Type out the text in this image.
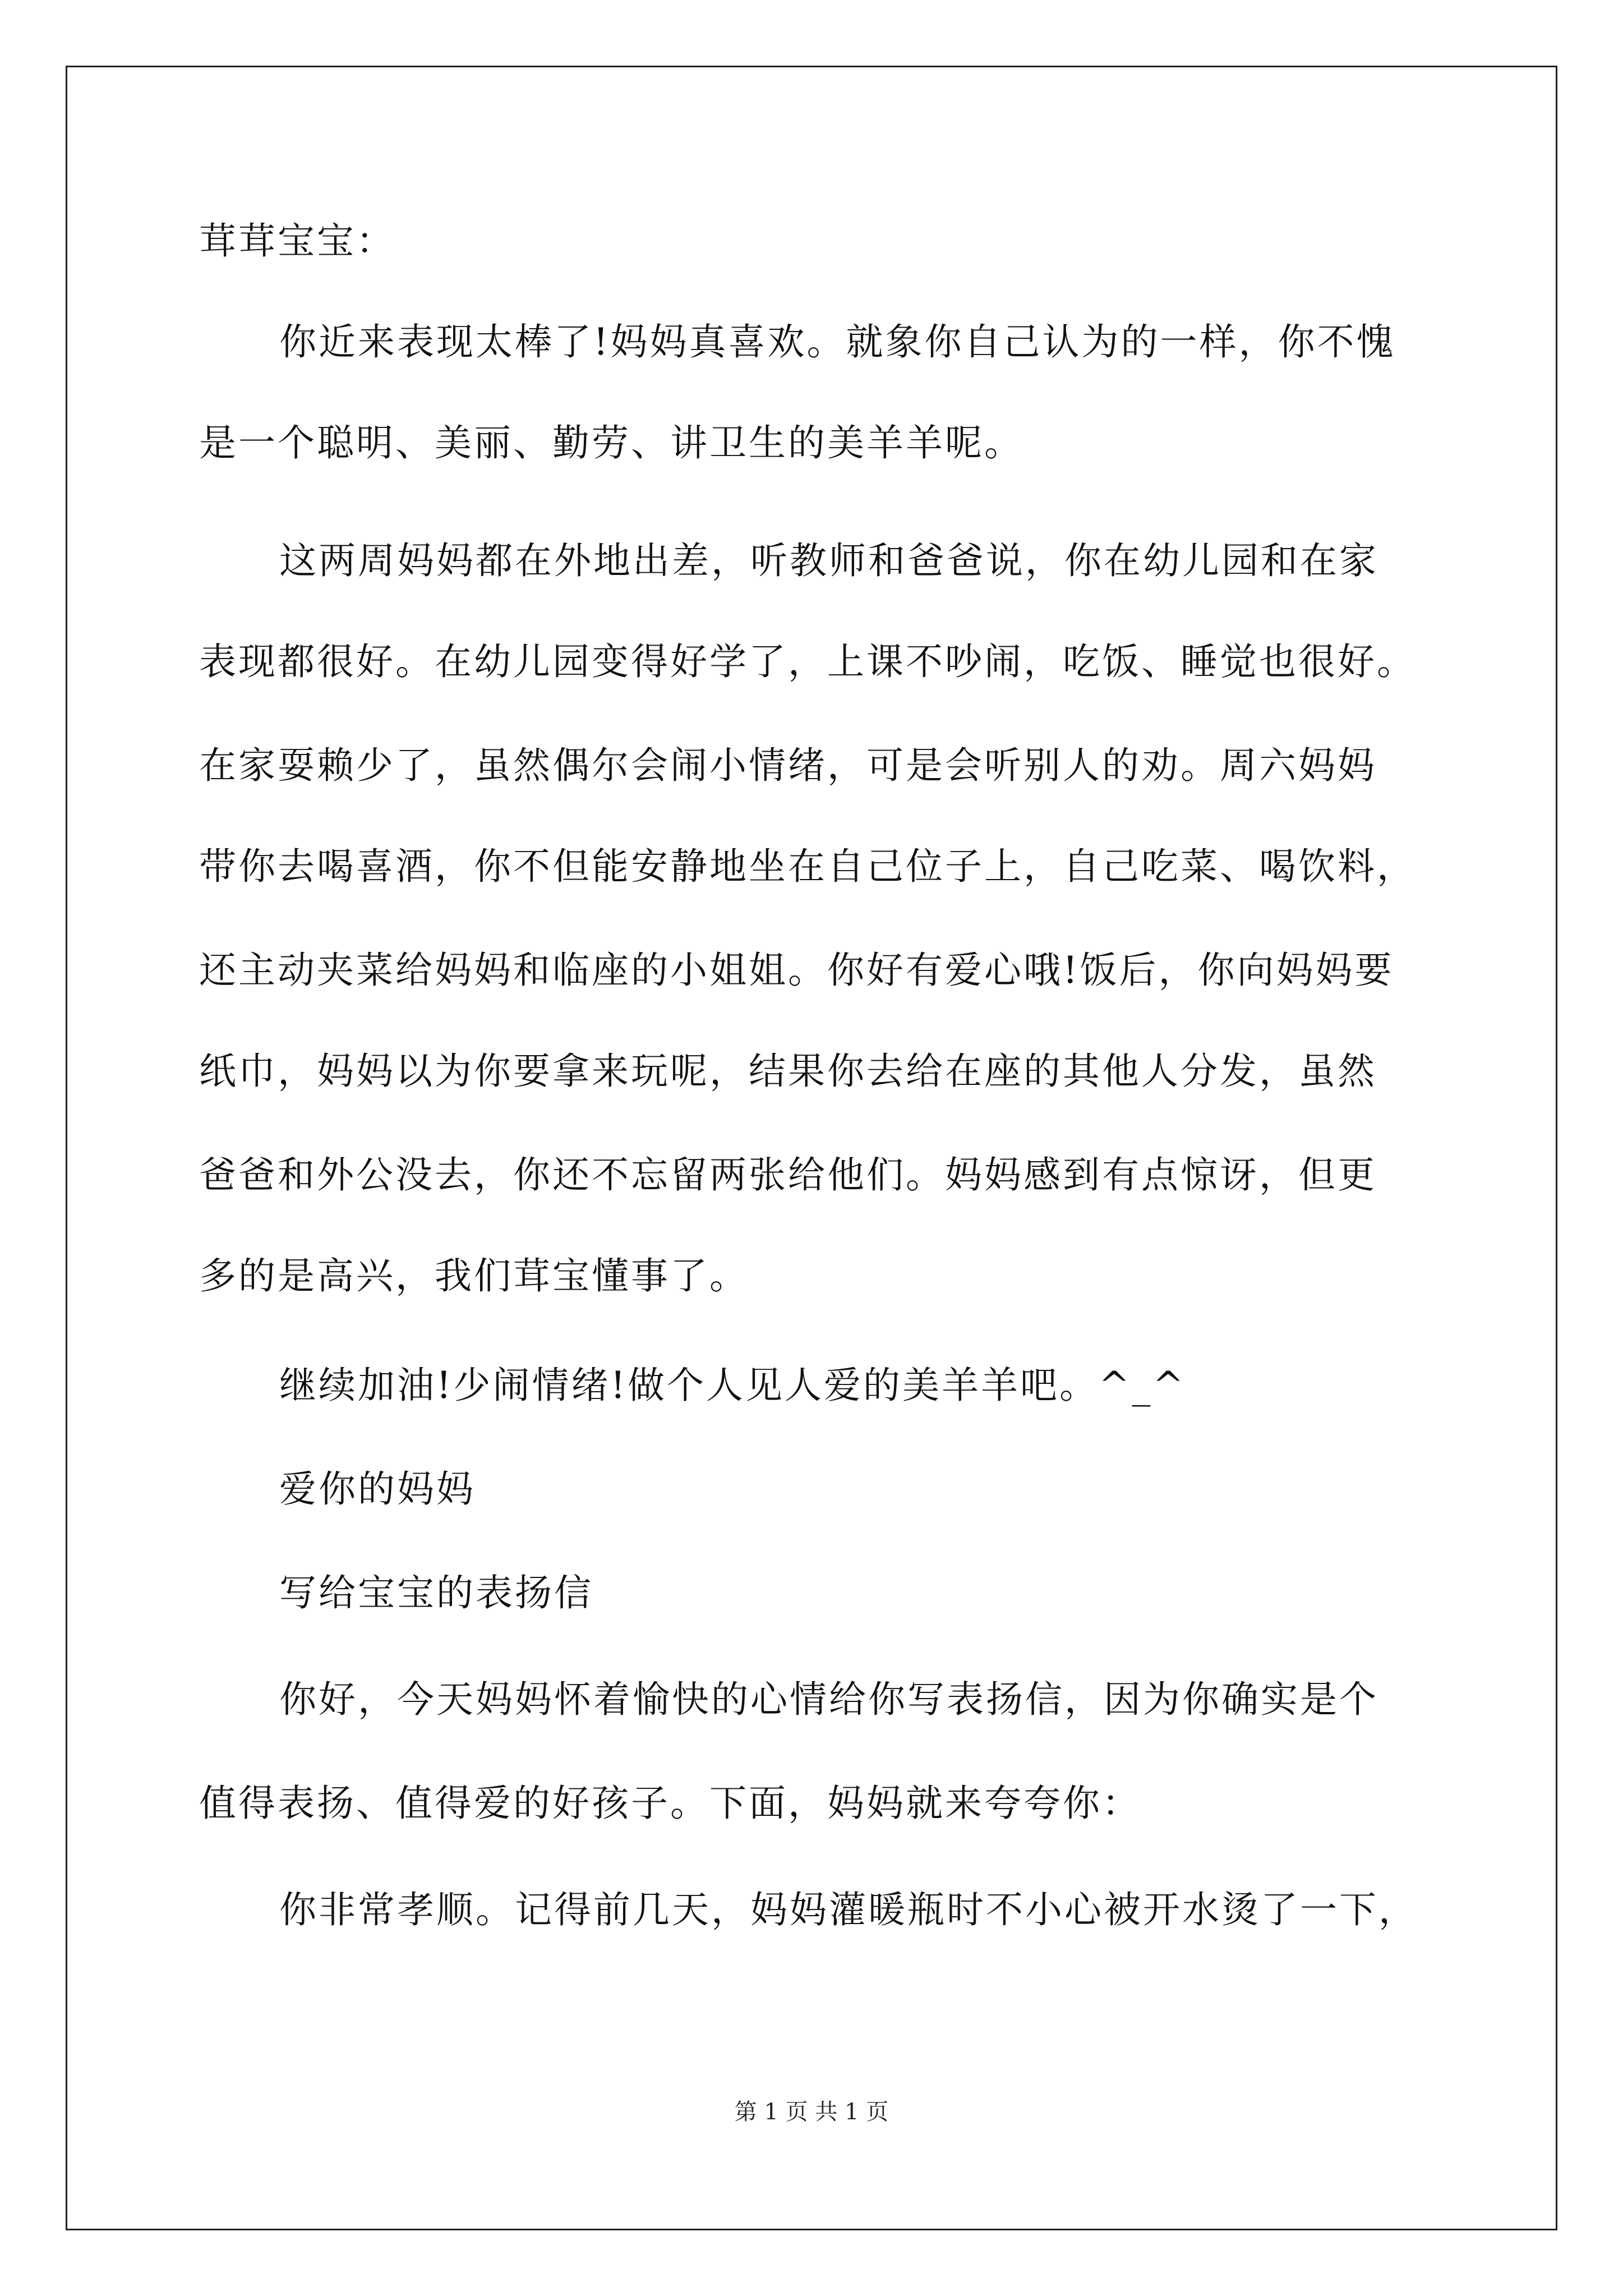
茸茸宝宝：
你近来表现太棒了!妈妈真喜欢。就象你自己认为的一样，你不愧
是一个聪明、美丽、勤劳、讲卫生的美羊羊呢。
这两周妈妈都在外地出差，听教师和爸爸说，你在幼儿园和在家
表现都很好。在幼儿园变得好学了，上课不吵闹，吃饭、睡觉也很好。
在家耍赖少了，虽然偶尔会闹小情绪，可是会听别人的劝。周六妈妈
带你去喝喜酒，你不但能安静地坐在自己位子上，自己吃菜、喝饮料，
还主动夹菜给妈妈和临座的小姐姐。你好有爱心哦!饭后，你向妈妈要
纸巾，妈妈以为你要拿来玩呢，结果你去给在座的其他人分发，虽然
爸爸和外公没去，你还不忘留两张给他们。妈妈感到有点惊讶，但更
多的是高兴，我们茸宝懂事了。
继续加油!少闹情绪!做个人见人爱的美羊羊吧。^_^
爱你的妈妈
写给宝宝的表扬信
你好，今天妈妈怀着愉快的心情给你写表扬信，因为你确实是个
值得表扬、值得爱的好孩子。下面，妈妈就来夸夸你：
你非常孝顺。记得前几天，妈妈灌暖瓶时不小心被开水烫了一下，
第 1 页 共 1 页
